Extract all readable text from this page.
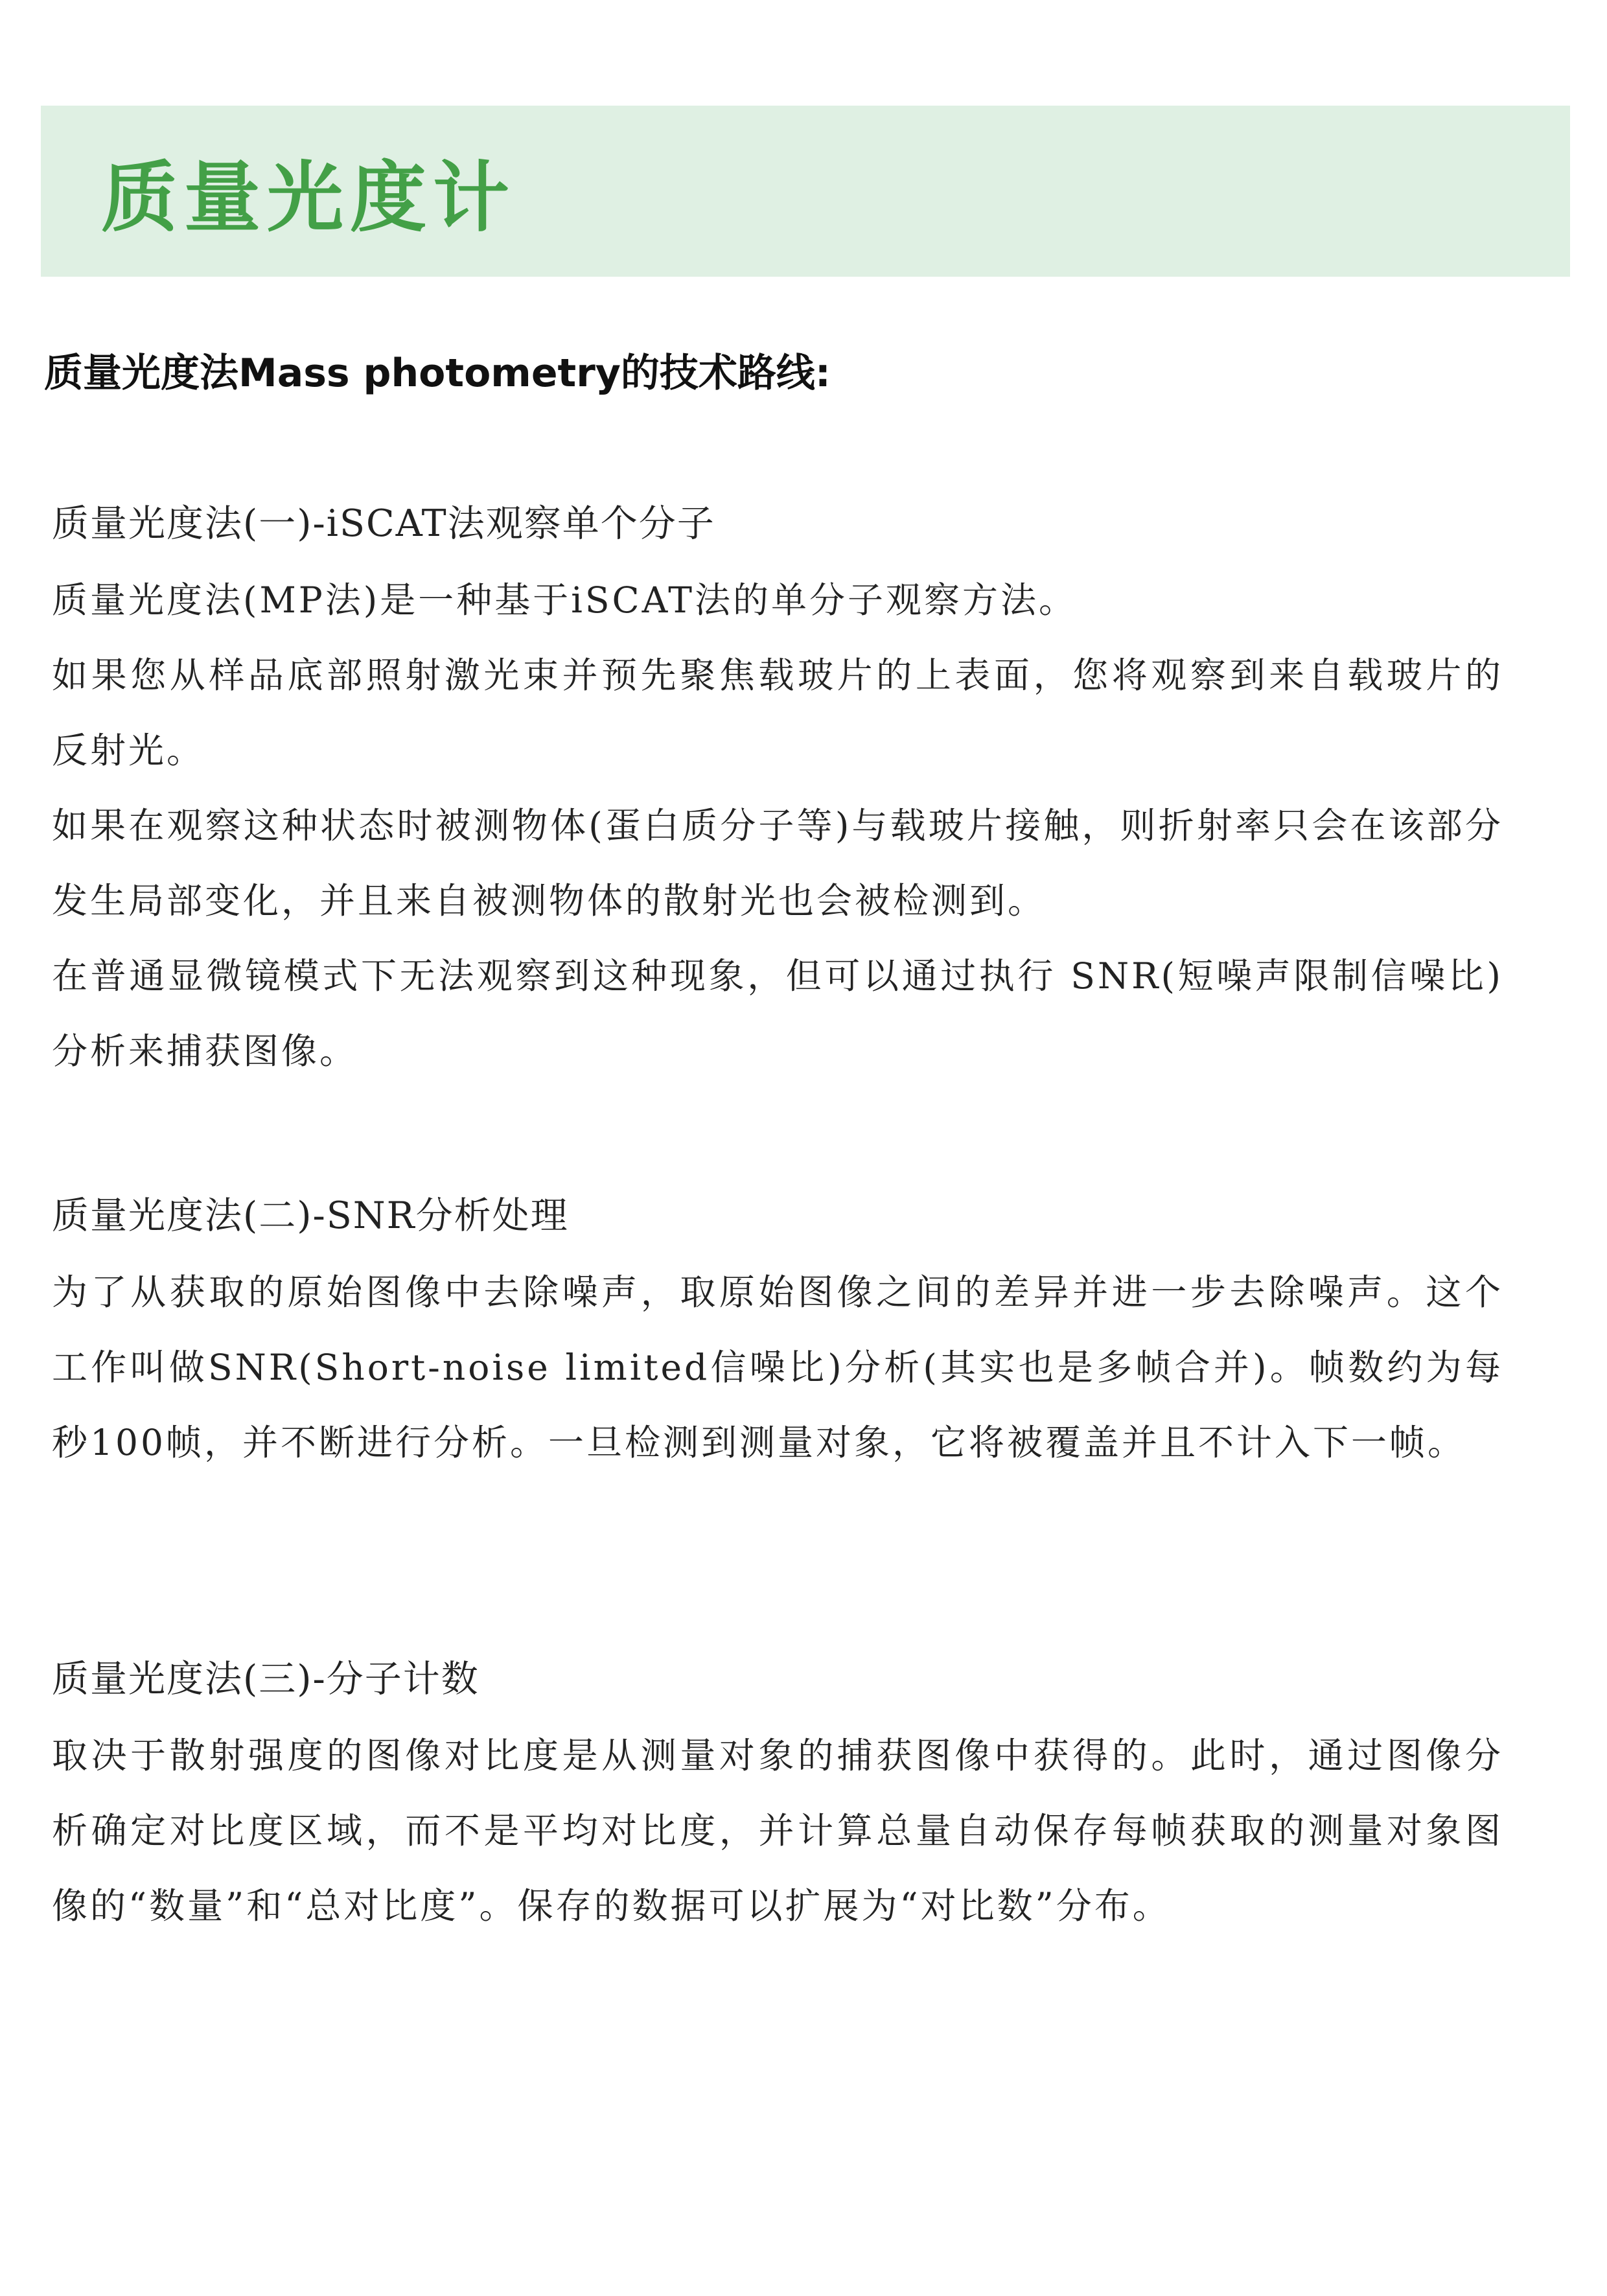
质量光度计
质量光度法Mass photometry的技术路线:
质量光度法(一)-iSCAT法观察单个分子

质量光度法(MP法)是一种基于iSCAT法的单分子观察方法。

如果您从样品底部照射激光束并预先聚焦载玻片的上表面，您将观察到来自载玻片的反射光。

如果在观察这种状态时被测物体(蛋白质分子等)与载玻片接触，则折射率只会在该部分发生局部变化，并且来自被测物体的散射光也会被检测到。

在普通显微镜模式下无法观察到这种现象，但可以通过执行 SNR(短噪声限制信噪比)分析来捕获图像。

质量光度法(二)-SNR分析处理

为了从获取的原始图像中去除噪声，取原始图像之间的差异并进一步去除噪声。这个工作叫做SNR(Short-noise limited信噪比)分析(其实也是多帧合并)。帧数约为每秒100帧，并不断进行分析。一旦检测到测量对象，它将被覆盖并且不计入下一帧。

质量光度法(三)-分子计数

取决于散射强度的图像对比度是从测量对象的捕获图像中获得的。此时，通过图像分析确定对比度区域，而不是平均对比度，并计算总量自动保存每帧获取的测量对象图像的“数量”和“总对比度”。保存的数据可以扩展为“对比数”分布。
